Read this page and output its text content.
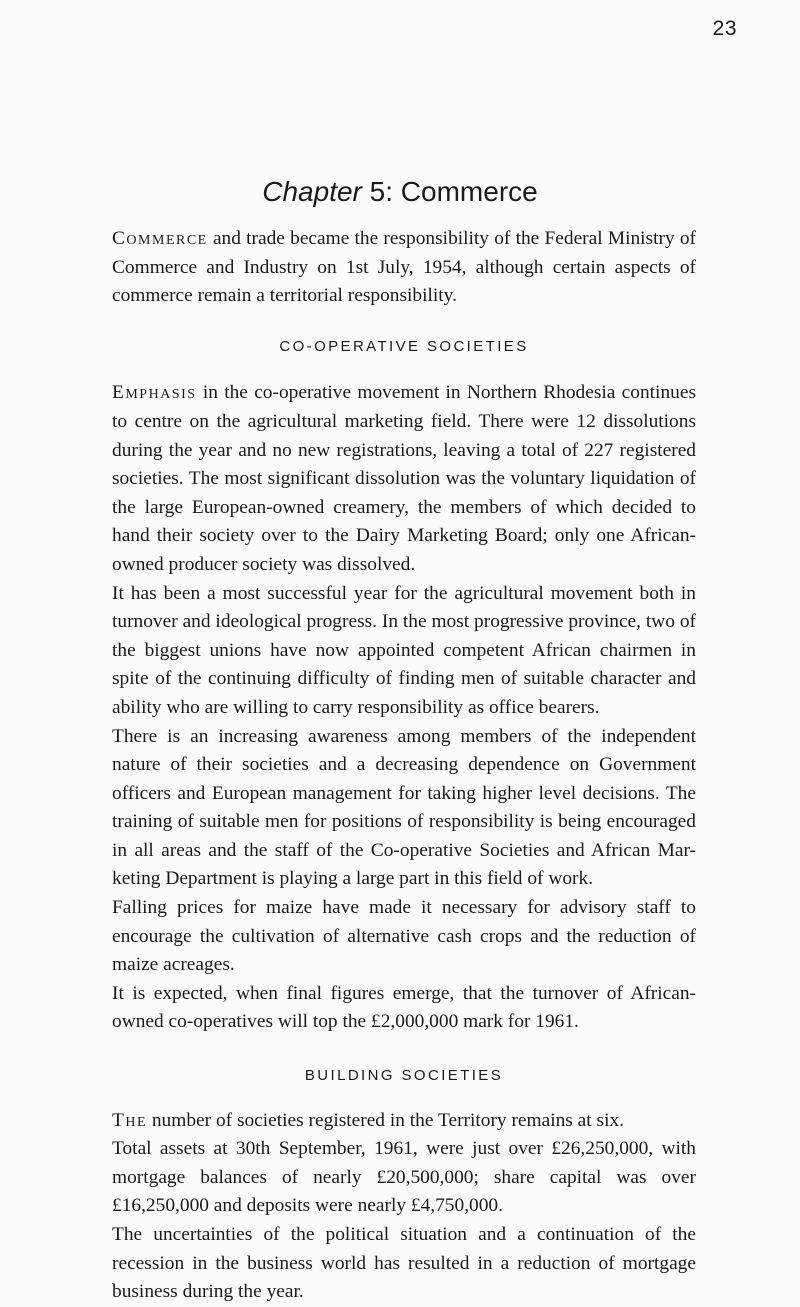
23
Chapter 5: Commerce

Commerce and trade became the responsibility of the Federal Ministry of Commerce and Industry on 1st July, 1954, although certain aspects of commerce remain a territorial responsibility.

CO-OPERATIVE SOCIETIES

Emphasis in the co-operative movement in Northern Rhodesia continues to centre on the agricultural marketing field. There were 12 dissolutions during the year and no new registrations, leaving a total of 227 registered societies. The most significant dissolution was the voluntary liquidation of the large European-owned creamery, the members of which decided to hand their society over to the Dairy Marketing Board; only one African-owned producer society was dissolved.

It has been a most successful year for the agricultural movement both in turnover and ideological progress. In the most progressive province, two of the biggest unions have now appointed competent African chairmen in spite of the continuing difficulty of finding men of suitable character and ability who are willing to carry responsibility as office bearers.

There is an increasing awareness among members of the independent nature of their societies and a decreasing dependence on Government officers and European management for taking higher level decisions. The training of suitable men for positions of responsibility is being encouraged in all areas and the staff of the Co-operative Societies and African Mar-keting Department is playing a large part in this field of work.

Falling prices for maize have made it necessary for advisory staff to encourage the cultivation of alternative cash crops and the reduction of maize acreages.

It is expected, when final figures emerge, that the turnover of African-owned co-operatives will top the £2,000,000 mark for 1961.

BUILDING SOCIETIES

The number of societies registered in the Territory remains at six.

Total assets at 30th September, 1961, were just over £26,250,000, with mortgage balances of nearly £20,500,000; share capital was over £16,250,000 and deposits were nearly £4,750,000.

The uncertainties of the political situation and a continuation of the recession in the business world has resulted in a reduction of mortgage business during the year.
